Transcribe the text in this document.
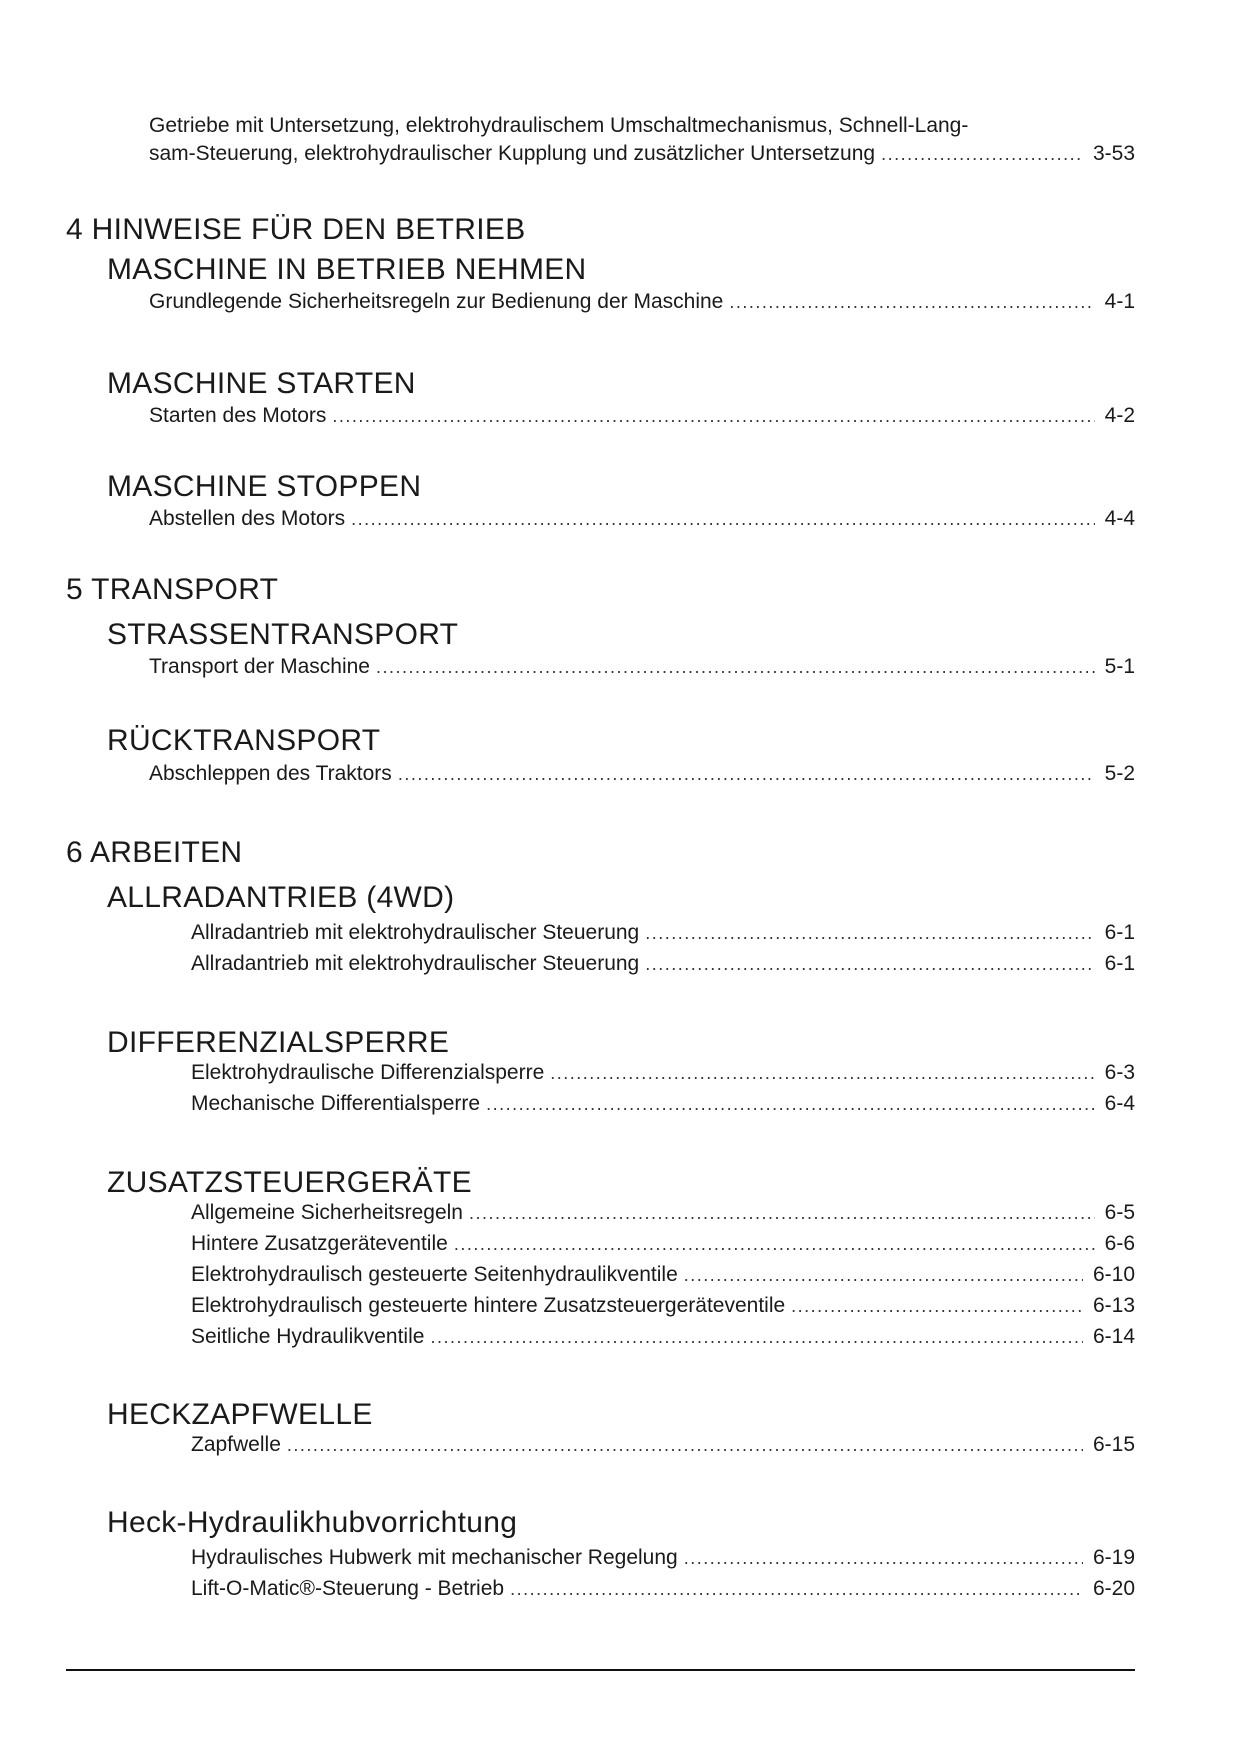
Getriebe mit Untersetzung, elektrohydraulischem Umschaltmechanismus, Schnell-Lang-
sam-Steuerung, elektrohydraulischer Kupplung und zusätzlicher Untersetzung .....	3-53
4 HINWEISE FÜR DEN BETRIEB
MASCHINE IN BETRIEB NEHMEN
Grundlegende Sicherheitsregeln zur Bedienung der Maschine .....	4-1
MASCHINE STARTEN
Starten des Motors .....	4-2
MASCHINE STOPPEN
Abstellen des Motors .....	4-4
5 TRANSPORT
STRASSENTRANSPORT
Transport der Maschine .....	5-1
RÜCKTRANSPORT
Abschleppen des Traktors .....	5-2
6 ARBEITEN
ALLRADANTRIEB (4WD)
Allradantrieb mit elektrohydraulischer Steuerung .....	6-1
Allradantrieb mit elektrohydraulischer Steuerung .....	6-1
DIFFERENZIALSPERRE
Elektrohydraulische Differenzialsperre .....	6-3
Mechanische Differentialsperre .....	6-4
ZUSATZSTEUERGERÄTE
Allgemeine Sicherheitsregeln .....	6-5
Hintere Zusatzgeräteventile .....	6-6
Elektrohydraulisch gesteuerte Seitenhydraulikventile .....	6-10
Elektrohydraulisch gesteuerte hintere Zusatzsteuergeräteventile .....	6-13
Seitliche Hydraulikventile .....	6-14
HECKZAPFWELLE
Zapfwelle .....	6-15
Heck-Hydraulikhubvorrichtung
Hydraulisches Hubwerk mit mechanischer Regelung .....	6-19
Lift-O-Matic®-Steuerung - Betrieb .....	6-20
